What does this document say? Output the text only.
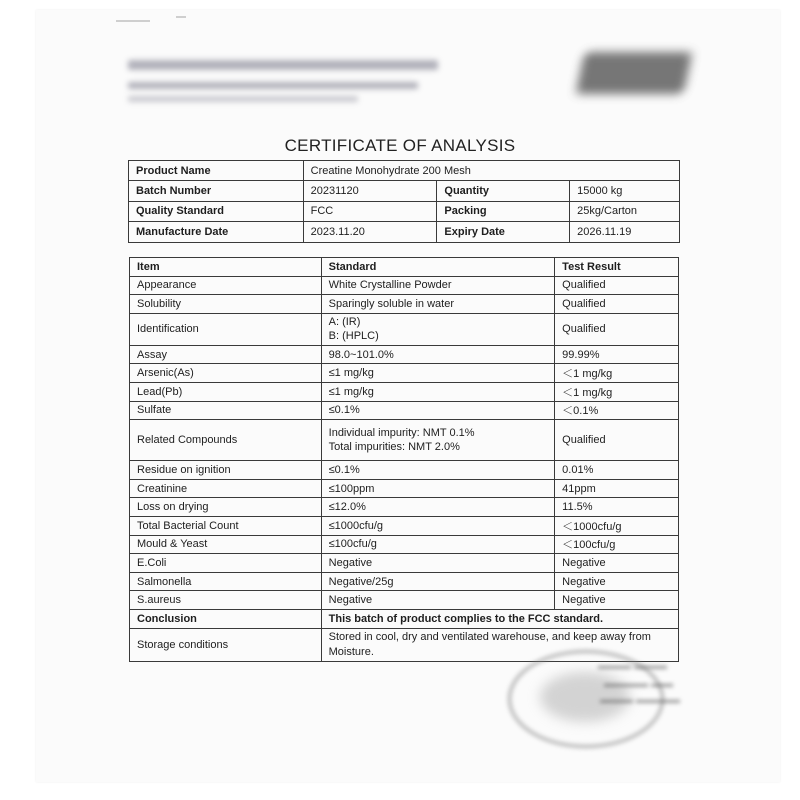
CERTIFICATE OF ANALYSIS
Product Name	Creatine Monohydrate 200 Mesh		
Batch Number	20231120	Quantity	15000 kg
Quality Standard	FCC	Packing	25kg/Carton
Manufacture Date	2023.11.20	Expiry Date	2026.11.19
Item	Standard	Test Result
Appearance	White Crystalline Powder	Qualified
Solubility	Sparingly soluble in water	Qualified
Identification	A: (IR)
B: (HPLC)	Qualified
Assay	98.0~101.0%	99.99%
Arsenic(As)	≤1 mg/kg	＜1 mg/kg
Lead(Pb)	≤1 mg/kg	＜1 mg/kg
Sulfate	≤0.1%	＜0.1%
Related Compounds	Individual impurity: NMT 0.1%
Total impurities: NMT 2.0%	Qualified
Residue on ignition	≤0.1%	0.01%
Creatinine	≤100ppm	41ppm
Loss on drying	≤12.0%	11.5%
Total Bacterial Count	≤1000cfu/g	＜1000cfu/g
Mould & Yeast	≤100cfu/g	＜100cfu/g
E.Coli	Negative	Negative
Salmonella	Negative/25g	Negative
S.aureus	Negative	Negative
Conclusion	This batch of product complies to the FCC standard.	
Storage conditions	Stored in cool, dry and ventilated warehouse, and keep away from Moisture.	
▬▬▬ ▬▬▬
▬▬▬▬ ▬▬
▬▬▬ ▬▬▬▬
